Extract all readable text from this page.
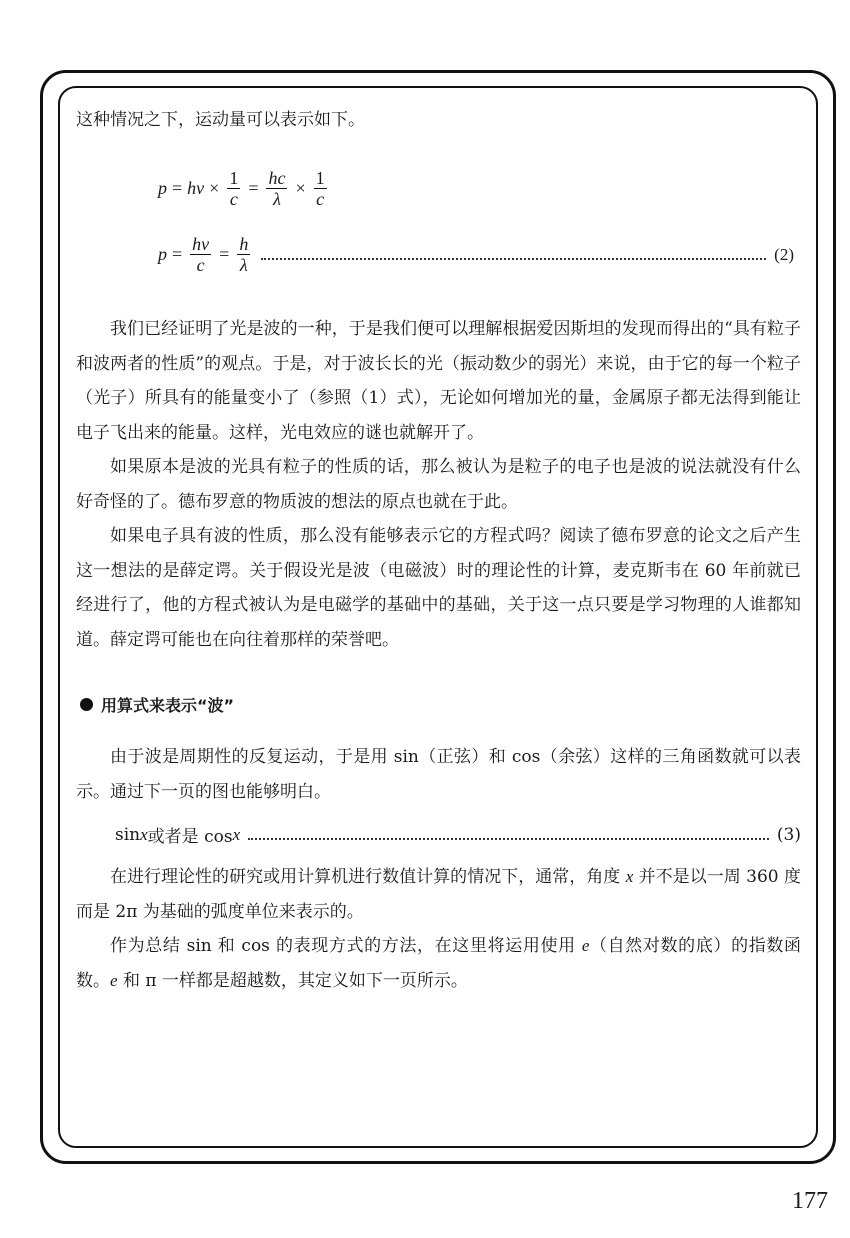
这种情况之下，运动量可以表示如下。

p = hv × $\frac{1}{c} = \frac{hc}{\lambda} \times \frac{1}{c}$
$p = \frac{hv}{c} = \frac{h}{\lambda}$	(2)

我们已经证明了光是波的一种，于是我们便可以理解根据爱因斯坦的发现而得出的“具有粒子和波两者的性质”的观点。于是，对于波长长的光（振动数少的弱光）来说，由于它的每一个粒子（光子）所具有的能量变小了（参照（1）式），无论如何增加光的量，金属原子都无法得到能让电子飞出来的能量。这样，光电效应的谜也就解开了。

如果原本是波的光具有粒子的性质的话，那么被认为是粒子的电子也是波的说法就没有什么好奇怪的了。德布罗意的物质波的想法的原点也就在于此。

如果电子具有波的性质，那么没有能够表示它的方程式吗？阅读了德布罗意的论文之后产生这一想法的是薛定谔。关于假设光是波（电磁波）时的理论性的计算，麦克斯韦在 60 年前就已经进行了，他的方程式被认为是电磁学的基础中的基础，关于这一点只要是学习物理的人谁都知道。薛定谔可能也在向往着那样的荣誉吧。

用算式来表示“波”

由于波是周期性的反复运动，于是用 sin（正弦）和 cos（余弦）这样的三角函数就可以表示。通过下一页的图也能够明白。

sin x 或者是 cos x	(3)

在进行理论性的研究或用计算机进行数值计算的情况下，通常，角度 x 并不是以一周 360 度而是 2π 为基础的弧度单位来表示的。

作为总结 sin 和 cos 的表现方式的方法，在这里将运用使用 e（自然对数的底）的指数函数。e 和 π 一样都是超越数，其定义如下一页所示。

177
